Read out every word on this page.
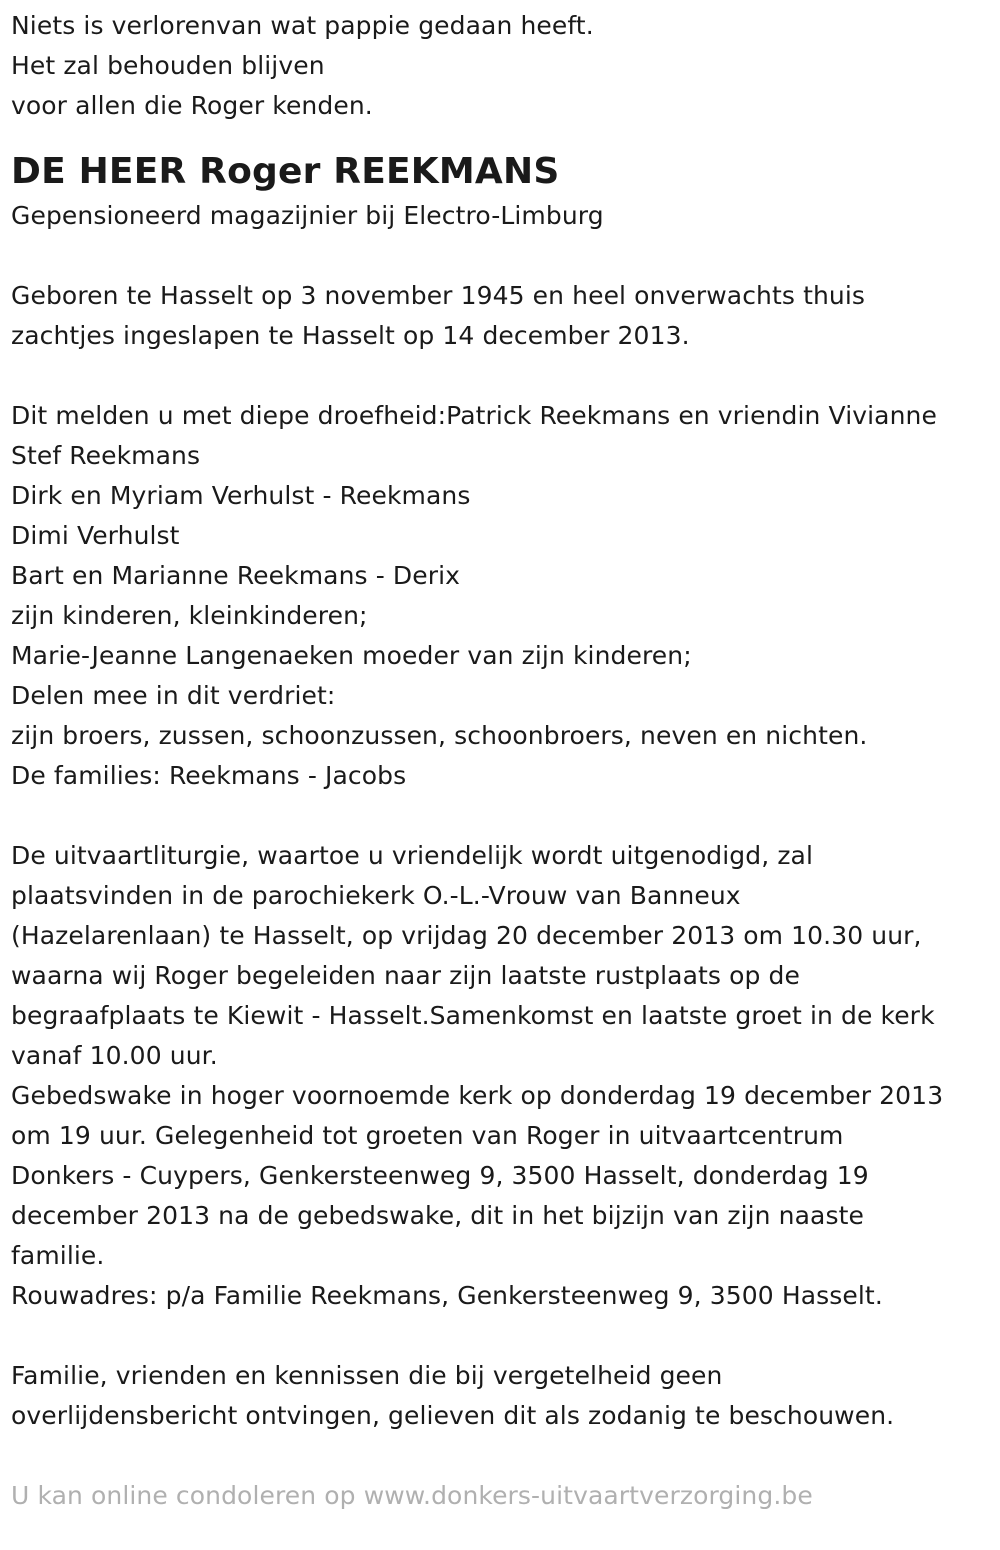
Niets is verlorenvan wat pappie gedaan heeft.
Het zal behouden blijven
voor allen die Roger kenden.
DE HEER Roger REEKMANS
Gepensioneerd magazijnier bij Electro-Limburg
Geboren te Hasselt op 3 november 1945 en heel onverwachts thuis
zachtjes ingeslapen te Hasselt op 14 december 2013.
Dit melden u met diepe droefheid:Patrick Reekmans en vriendin Vivianne
Stef Reekmans
Dirk en Myriam Verhulst - Reekmans
Dimi Verhulst
Bart en Marianne Reekmans - Derix
zijn kinderen, kleinkinderen;
Marie-Jeanne Langenaeken moeder van zijn kinderen;
Delen mee in dit verdriet:
zijn broers, zussen, schoonzussen, schoonbroers, neven en nichten.
De families: Reekmans - Jacobs
De uitvaartliturgie, waartoe u vriendelijk wordt uitgenodigd, zal
plaatsvinden in de parochiekerk O.-L.-Vrouw van Banneux
(Hazelarenlaan) te Hasselt, op vrijdag 20 december 2013 om 10.30 uur,
waarna wij Roger begeleiden naar zijn laatste rustplaats op de
begraafplaats te Kiewit - Hasselt.Samenkomst en laatste groet in de kerk
vanaf 10.00 uur.
Gebedswake in hoger voornoemde kerk op donderdag 19 december 2013
om 19 uur. Gelegenheid tot groeten van Roger in uitvaartcentrum
Donkers - Cuypers, Genkersteenweg 9, 3500 Hasselt, donderdag 19
december 2013 na de gebedswake, dit in het bijzijn van zijn naaste
familie.
Rouwadres: p/a Familie Reekmans, Genkersteenweg 9, 3500 Hasselt.
Familie, vrienden en kennissen die bij vergetelheid geen
overlijdensbericht ontvingen, gelieven dit als zodanig te beschouwen.
U kan online condoleren op www.donkers-uitvaartverzorging.be
